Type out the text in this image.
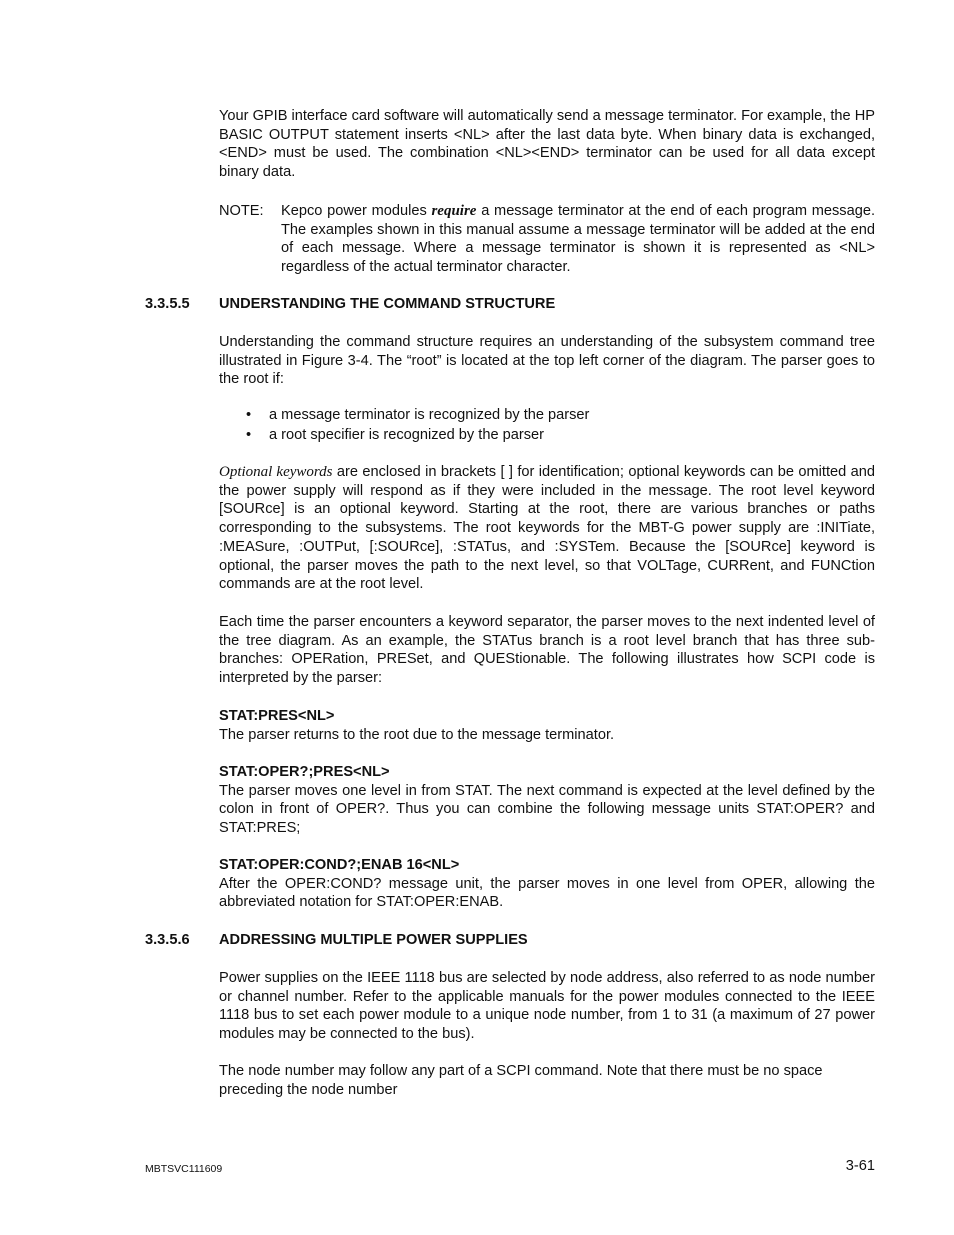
Your GPIB interface card software will automatically send a message terminator. For example, the HP BASIC OUTPUT statement inserts <NL> after the last data byte. When binary data is exchanged, <END> must be used. The combination <NL><END> terminator can be used for all data except binary data.

NOTE: Kepco power modules require a message terminator at the end of each program message. The examples shown in this manual assume a message terminator will be added at the end of each message. Where a message terminator is shown it is represented as <NL> regardless of the actual terminator character.
3.3.5.5 UNDERSTANDING THE COMMAND STRUCTURE

Understanding the command structure requires an understanding of the subsystem command tree illustrated in Figure 3-4. The “root” is located at the top left corner of the diagram. The parser goes to the root if:

• a message terminator is recognized by the parser
• a root specifier is recognized by the parser

Optional keywords are enclosed in brackets [ ] for identification; optional keywords can be omitted and the power supply will respond as if they were included in the message. The root level keyword [SOURce] is an optional keyword. Starting at the root, there are various branches or paths corresponding to the subsystems. The root keywords for the MBT-G power supply are :INITiate, :MEASure, :OUTPut, [:SOURce], :STATus, and :SYSTem. Because the [SOURce] keyword is optional, the parser moves the path to the next level, so that VOLTage, CURRent, and FUNCtion commands are at the root level.

Each time the parser encounters a keyword separator, the parser moves to the next indented level of the tree diagram. As an example, the STATus branch is a root level branch that has three sub-branches: OPERation, PRESet, and QUEStionable. The following illustrates how SCPI code is interpreted by the parser:

STAT:PRES<NL>

The parser returns to the root due to the message terminator.

STAT:OPER?;PRES<NL>

The parser moves one level in from STAT. The next command is expected at the level defined by the colon in front of OPER?. Thus you can combine the following message units STAT:OPER? and STAT:PRES;

STAT:OPER:COND?;ENAB 16<NL>

After the OPER:COND? message unit, the parser moves in one level from OPER, allowing the abbreviated notation for STAT:OPER:ENAB.

3.3.5.6 ADDRESSING MULTIPLE POWER SUPPLIES

Power supplies on the IEEE 1118 bus are selected by node address, also referred to as node number or channel number. Refer to the applicable manuals for the power modules connected to the IEEE 1118 bus to set each power module to a unique node number, from 1 to 31 (a maximum of 27 power modules may be connected to the bus).

The node number may follow any part of a SCPI command. Note that there must be no space preceding the node number

MBTSVC111609	3-61
